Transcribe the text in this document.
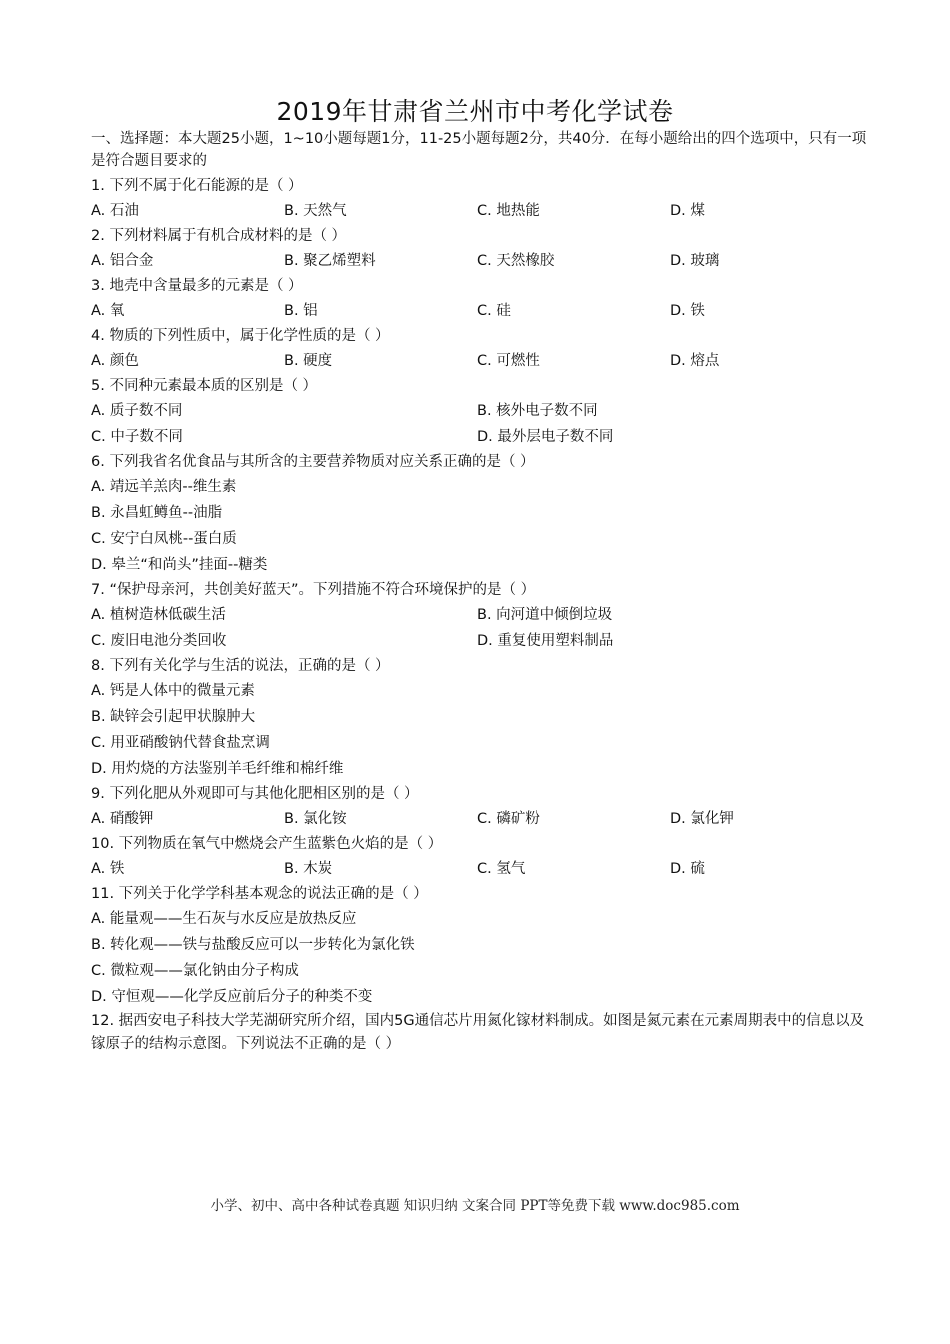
2019年甘肃省兰州市中考化学试卷
一、选择题：本大题25小题，1~10小题每题1分，11-25小题每题2分，共40分．在每小题给出的四个选项中，只有一项是符合题目要求的
1. 下列不属于化石能源的是（ ）
A. 石油	B. 天然气	C. 地热能	D. 煤
2. 下列材料属于有机合成材料的是（ ）
A. 铝合金	B. 聚乙烯塑料	C. 天然橡胶	D. 玻璃
3. 地壳中含量最多的元素是（ ）
A. 氧	B. 铝	C. 硅	D. 铁
4. 物质的下列性质中，属于化学性质的是（ ）
A. 颜色	B. 硬度	C. 可燃性	D. 熔点
5. 不同种元素最本质的区别是（ ）
A. 质子数不同	B. 核外电子数不同
C. 中子数不同	D. 最外层电子数不同
6. 下列我省名优食品与其所含的主要营养物质对应关系正确的是（ ）
A. 靖远羊羔肉--维生素
B. 永昌虹鳟鱼--油脂
C. 安宁白凤桃--蛋白质
D. 皋兰“和尚头”挂面--糖类
7. “保护母亲河，共创美好蓝天”。下列措施不符合环境保护的是（ ）
A. 植树造林低碳生活	B. 向河道中倾倒垃圾
C. 废旧电池分类回收	D. 重复使用塑料制品
8. 下列有关化学与生活的说法，正确的是（ ）
A. 钙是人体中的微量元素
B. 缺锌会引起甲状腺肿大
C. 用亚硝酸钠代替食盐烹调
D. 用灼烧的方法鉴别羊毛纤维和棉纤维
9. 下列化肥从外观即可与其他化肥相区别的是（ ）
A. 硝酸钾	B. 氯化铵	C. 磷矿粉	D. 氯化钾
10. 下列物质在氧气中燃烧会产生蓝紫色火焰的是（ ）
A. 铁	B. 木炭	C. 氢气	D. 硫
11. 下列关于化学学科基本观念的说法正确的是（ ）
A. 能量观——生石灰与水反应是放热反应
B. 转化观——铁与盐酸反应可以一步转化为氯化铁
C. 微粒观——氯化钠由分子构成
D. 守恒观——化学反应前后分子的种类不变
12. 据西安电子科技大学芜湖研究所介绍，国内5G通信芯片用氮化镓材料制成。如图是氮元素在元素周期表中的信息以及镓原子的结构示意图。下列说法不正确的是（ ）
小学、初中、高中各种试卷真题 知识归纳 文案合同 PPT等免费下载 www.doc985.com
